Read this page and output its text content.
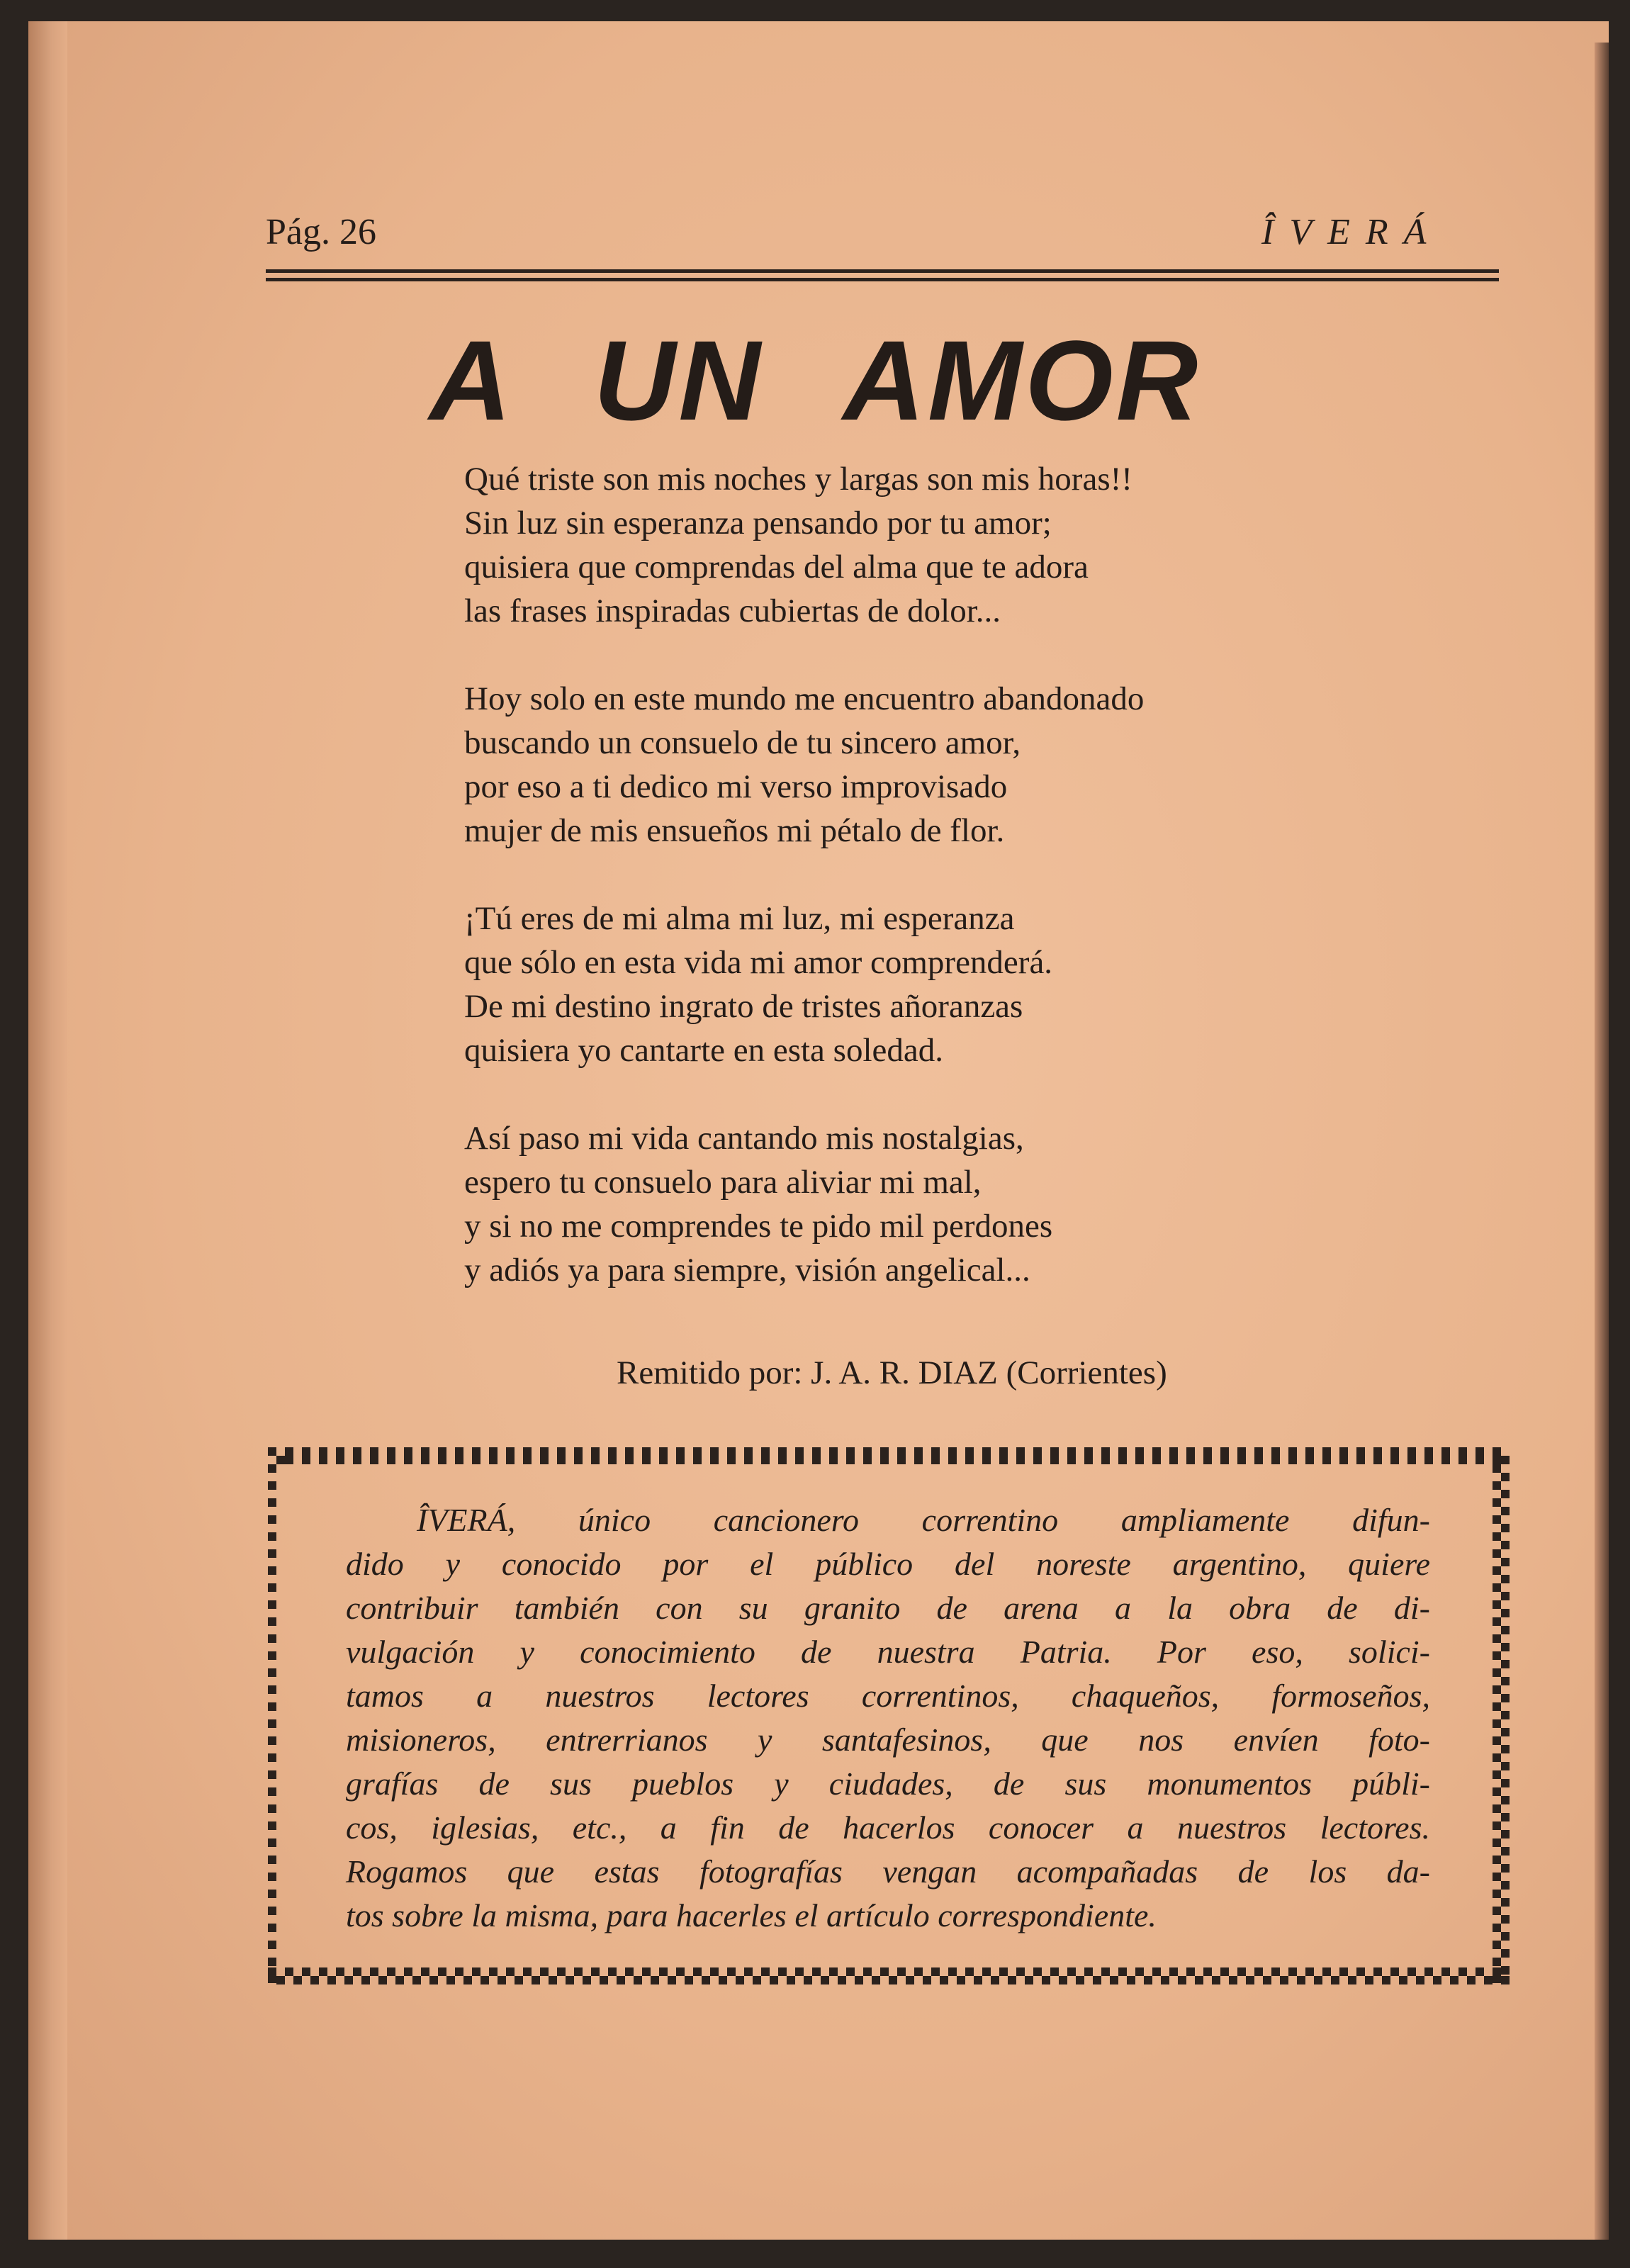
Pág. 26	ÎVERÁ
A UN AMOR
Qué triste son mis noches y largas son mis horas!!
Sin luz sin esperanza pensando por tu amor;
quisiera que comprendas del alma que te adora
las frases inspiradas cubiertas de dolor...
Hoy solo en este mundo me encuentro abandonado
buscando un consuelo de tu sincero amor,
por eso a ti dedico mi verso improvisado
mujer de mis ensueños mi pétalo de flor.
¡Tú eres de mi alma mi luz, mi esperanza
que sólo en esta vida mi amor comprenderá.
De mi destino ingrato de tristes añoranzas
quisiera yo cantarte en esta soledad.
Así paso mi vida cantando mis nostalgias,
espero tu consuelo para aliviar mi mal,
y si no me comprendes te pido mil perdones
y adiós ya para siempre, visión angelical...
Remitido por: J. A. R. DIAZ (Corrientes)
ÎVERÁ, único cancionero correntino ampliamente difun-
dido y conocido por el público del noreste argentino, quiere
contribuir también con su granito de arena a la obra de di-
vulgación y conocimiento de nuestra Patria. Por eso, solici-
tamos a nuestros lectores correntinos, chaqueños, formoseños,
misioneros, entrerrianos y santafesinos, que nos envíen foto-
grafías de sus pueblos y ciudades, de sus monumentos públi-
cos, iglesias, etc., a fin de hacerlos conocer a nuestros lectores.
Rogamos que estas fotografías vengan acompañadas de los da-
tos sobre la misma, para hacerles el artículo correspondiente.
